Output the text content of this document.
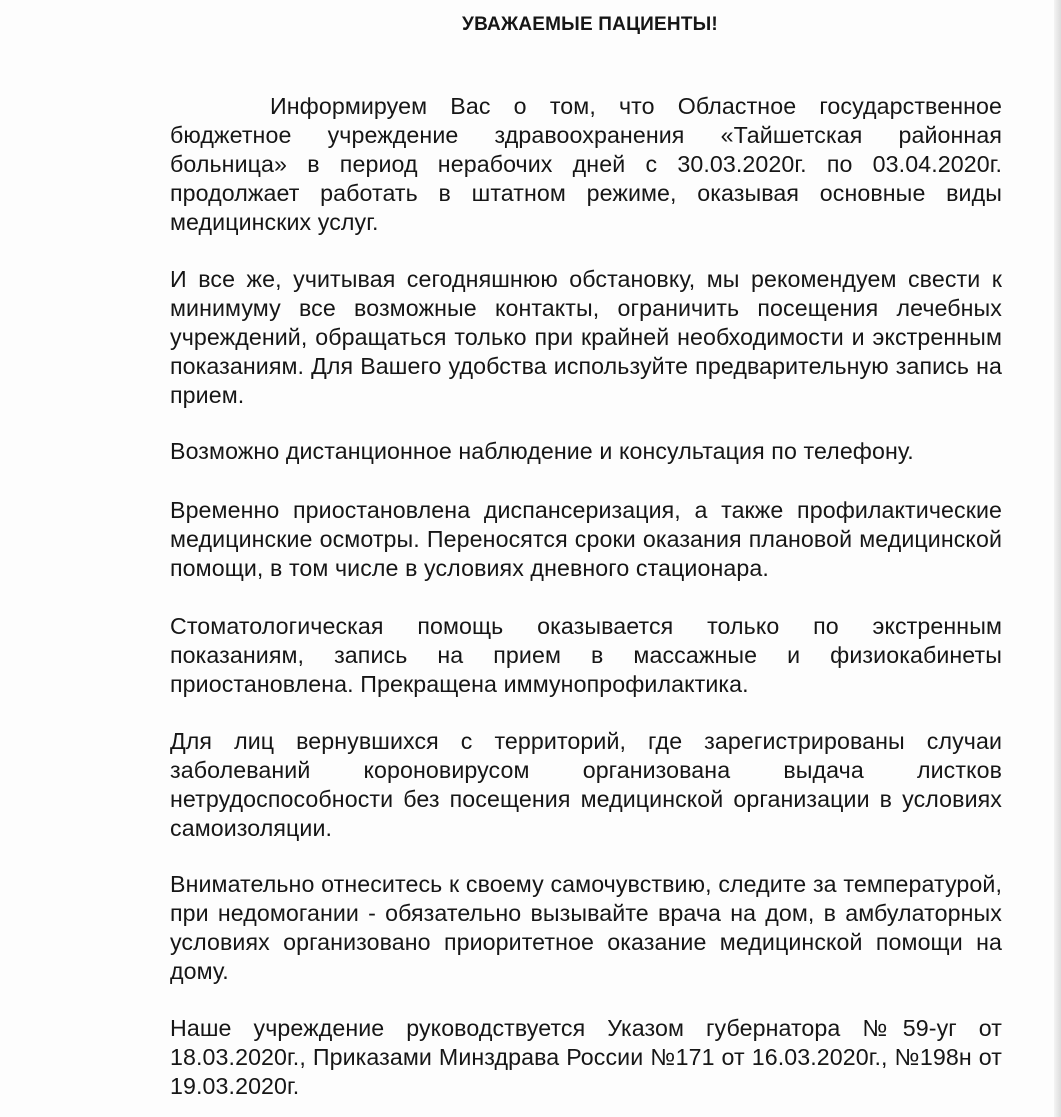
УВАЖАЕМЫЕ ПАЦИЕНТЫ!
Информируем Вас о том, что Областное государственное бюджетное учреждение здравоохранения «Тайшетская районная больница» в период нерабочих дней с 30.03.2020г. по 03.04.2020г. продолжает работать в штатном режиме, оказывая основные виды медицинских услуг.
И все же, учитывая сегодняшнюю обстановку, мы рекомендуем свести к минимуму все возможные контакты, ограничить посещения лечебных учреждений, обращаться только при крайней необходимости и экстренным показаниям. Для Вашего удобства используйте предварительную запись на прием.
Возможно дистанционное наблюдение и консультация по телефону.
Временно приостановлена диспансеризация, а также профилактические медицинские осмотры. Переносятся сроки оказания плановой медицинской помощи, в том числе в условиях дневного стационара.
Стоматологическая помощь оказывается только по экстренным показаниям, запись на прием в массажные и физиокабинеты приостановлена. Прекращена иммунопрофилактика.
Для лиц вернувшихся с территорий, где зарегистрированы случаи заболеваний короновирусом организована выдача листков нетрудоспособности без посещения медицинской организации в условиях самоизоляции.
Внимательно отнеситесь к своему самочувствию, следите за температурой, при недомогании - обязательно вызывайте врача на дом, в амбулаторных условиях организовано приоритетное оказание медицинской помощи на дому.
Наше учреждение руководствуется Указом губернатора №59-уг от 18.03.2020г., Приказами Минздрава России №171 от 16.03.2020г., №198н от 19.03.2020г.
